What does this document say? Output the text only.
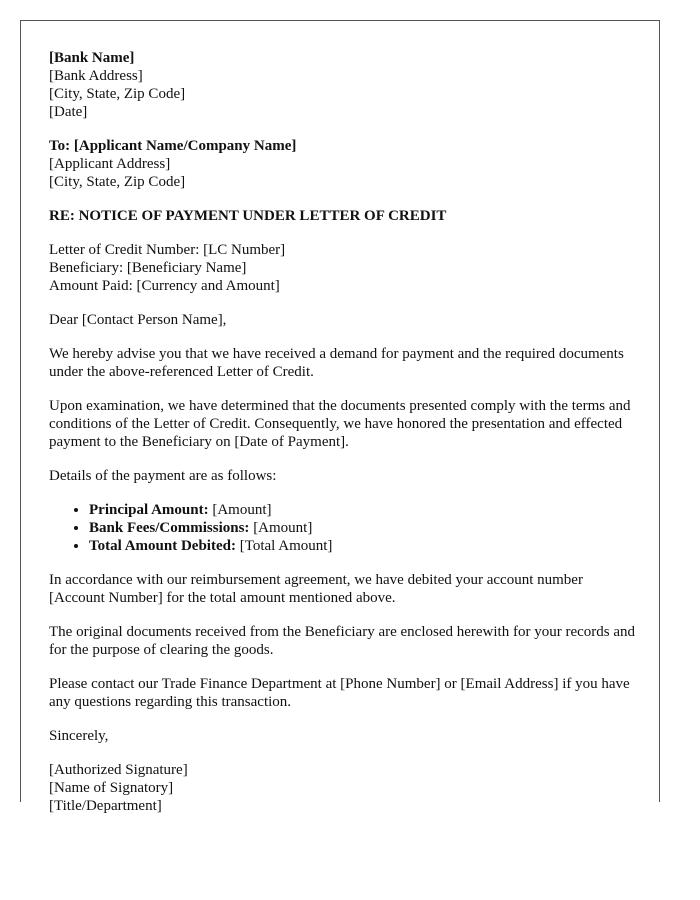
[Bank Name]
[Bank Address]
[City, State, Zip Code]
[Date]
To: [Applicant Name/Company Name]
[Applicant Address]
[City, State, Zip Code]

RE: NOTICE OF PAYMENT UNDER LETTER OF CREDIT

Letter of Credit Number: [LC Number]
Beneficiary: [Beneficiary Name]
Amount Paid: [Currency and Amount]

Dear [Contact Person Name],

We hereby advise you that we have received a demand for payment and the required documents under the above-referenced Letter of Credit.

Upon examination, we have determined that the documents presented comply with the terms and conditions of the Letter of Credit. Consequently, we have honored the presentation and effected payment to the Beneficiary on [Date of Payment].

Details of the payment are as follows:

• Principal Amount: [Amount]
• Bank Fees/Commissions: [Amount]
• Total Amount Debited: [Total Amount]

In accordance with our reimbursement agreement, we have debited your account number [Account Number] for the total amount mentioned above.

The original documents received from the Beneficiary are enclosed herewith for your records and for the purpose of clearing the goods.

Please contact our Trade Finance Department at [Phone Number] or [Email Address] if you have any questions regarding this transaction.

Sincerely,

[Authorized Signature]
[Name of Signatory]
[Title/Department]
